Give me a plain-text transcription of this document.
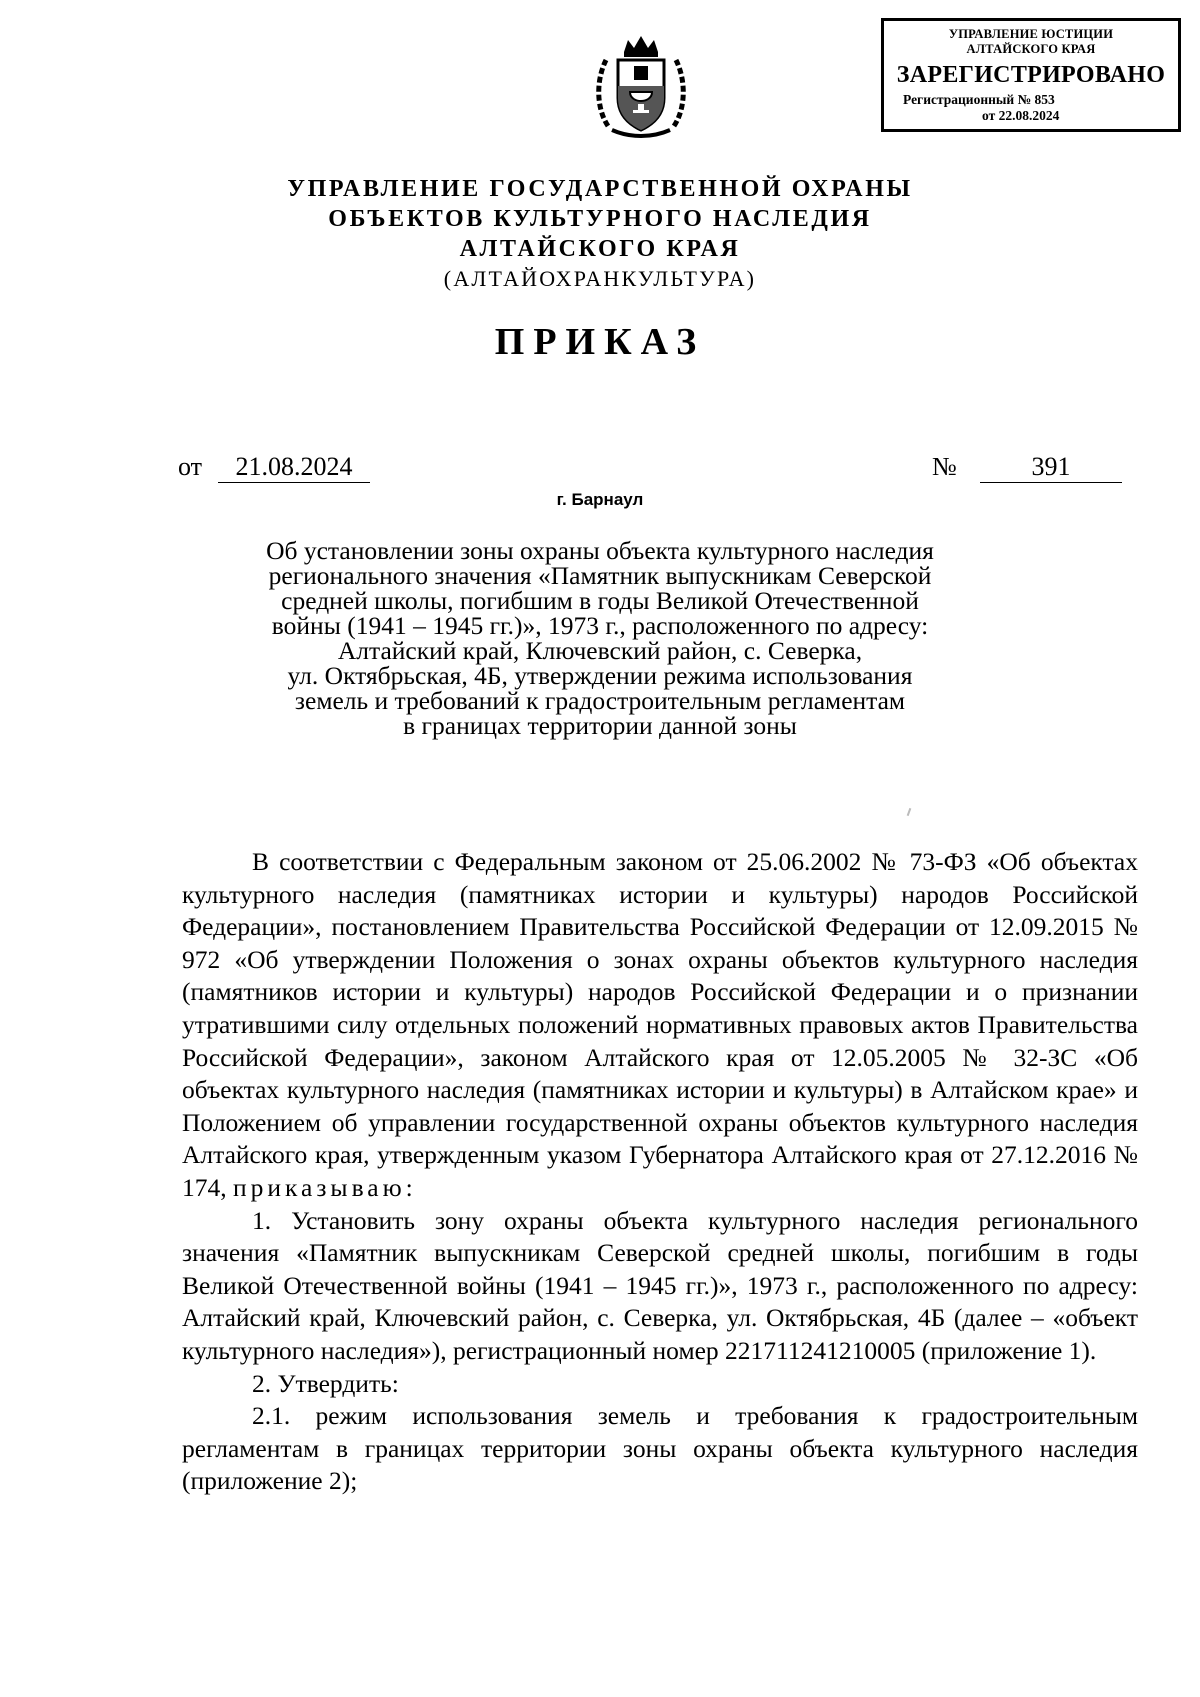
УПРАВЛЕНИЕ ЮСТИЦИИ
АЛТАЙСКОГО КРАЯ
ЗАРЕГИСТРИРОВАНО
Регистрационный № 853
от 22.08.2024
УПРАВЛЕНИЕ ГОСУДАРСТВЕННОЙ ОХРАНЫ
ОБЪЕКТОВ КУЛЬТУРНОГО НАСЛЕДИЯ
АЛТАЙСКОГО КРАЯ
(АЛТАЙОХРАНКУЛЬТУРА)
ПРИКАЗ
от	21.08.2024	№	391
г. Барнаул
Об установлении зоны охраны объекта культурного наследия
регионального значения «Памятник выпускникам Северской
средней школы, погибшим в годы Великой Отечественной
войны (1941 – 1945 гг.)», 1973 г., расположенного по адресу:
Алтайский край, Ключевский район, с. Северка,
ул. Октябрьская, 4Б, утверждении режима использования
земель и требований к градостроительным регламентам
в границах территории данной зоны

В соответствии с Федеральным законом от 25.06.2002 № 73-ФЗ «Об объектах культурного наследия (памятниках истории и культуры) народов Российской Федерации», постановлением Правительства Российской Федерации от 12.09.2015 № 972 «Об утверждении Положения о зонах охраны объектов культурного наследия (памятников истории и культуры) народов Российской Федерации и о признании утратившими силу отдельных положений нормативных правовых актов Правительства Российской Федерации», законом Алтайского края от 12.05.2005 № 32-ЗС «Об объектах культурного наследия (памятниках истории и культуры) в Алтайском крае» и Положением об управлении государственной охраны объектов культурного наследия Алтайского края, утвержденным указом Губернатора Алтайского края от 27.12.2016 № 174, приказываю:

1. Установить зону охраны объекта культурного наследия регионального значения «Памятник выпускникам Северской средней школы, погибшим в годы Великой Отечественной войны (1941 – 1945 гг.)», 1973 г., расположенного по адресу: Алтайский край, Ключевский район, с. Северка, ул. Октябрьская, 4Б (далее – «объект культурного наследия»), регистрационный номер 221711241210005 (приложение 1).

2. Утвердить:

2.1. режим использования земель и требования к градостроительным регламентам в границах территории зоны охраны объекта культурного наследия (приложение 2);
